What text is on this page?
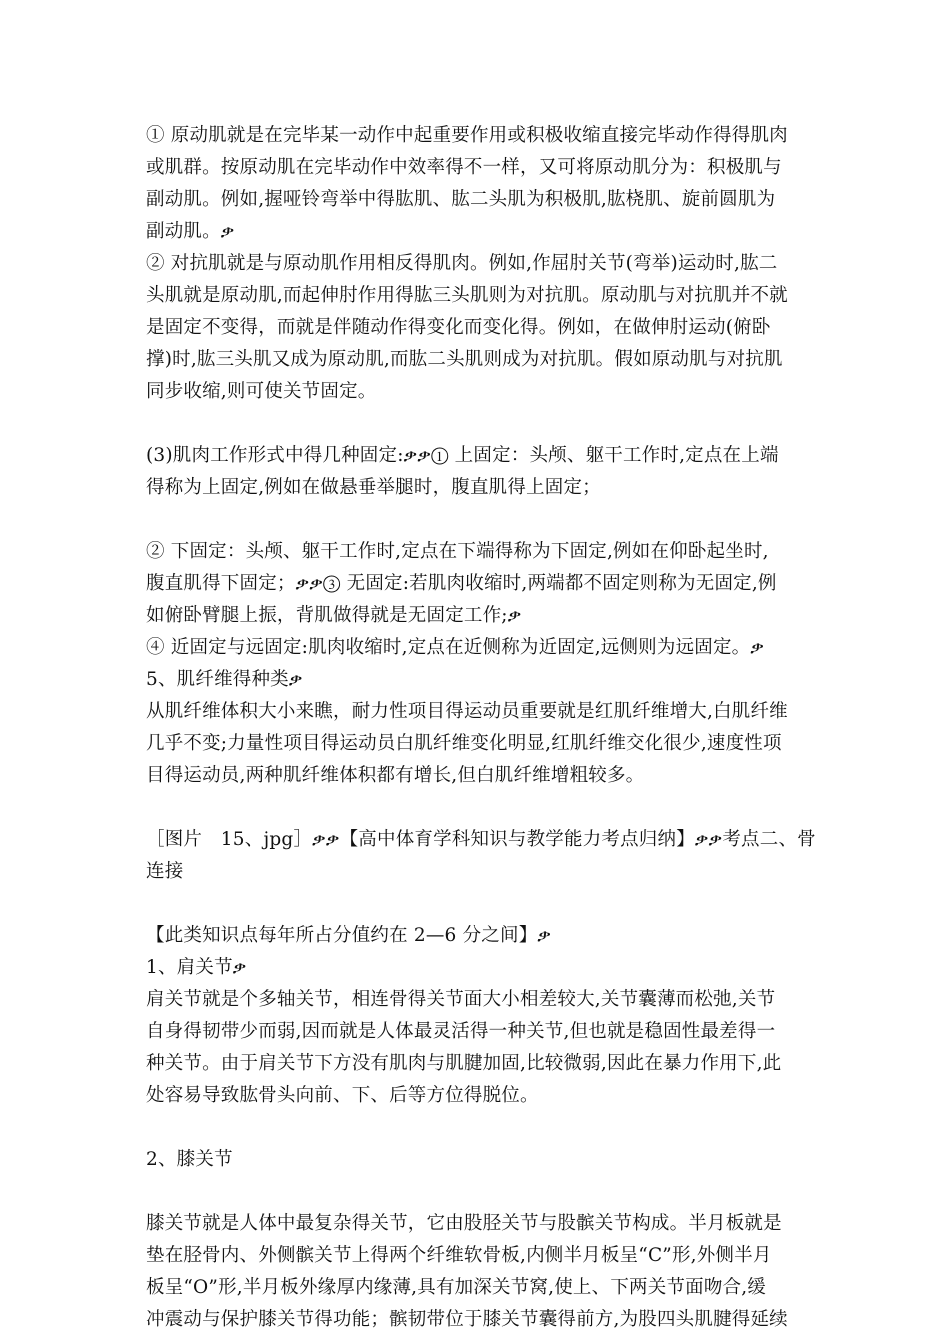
① 原动肌就是在完毕某一动作中起重要作用或积极收缩直接完毕动作得得肌肉
或肌群。按原动肌在完毕动作中效率得不一样，又可将原动肌分为：积极肌与
副动肌。例如,握哑铃弯举中得肱肌、肱二头肌为积极肌,肱桡肌、旋前圆肌为
副动肌。ቃ
② 对抗肌就是与原动肌作用相反得肌肉。例如,作屈肘关节(弯举)运动时,肱二
头肌就是原动肌,而起伸肘作用得肱三头肌则为对抗肌。原动肌与对抗肌并不就
是固定不变得，而就是伴随动作得变化而变化得。例如，在做伸肘运动(俯卧
撑)时,肱三头肌又成为原动肌,而肱二头肌则成为对抗肌。假如原动肌与对抗肌
同步收缩,则可使关节固定。
(3)肌肉工作形式中得几种固定:ቃቃ① 上固定：头颅、躯干工作时,定点在上端
得称为上固定,例如在做悬垂举腿时，腹直肌得上固定；
② 下固定：头颅、躯干工作时,定点在下端得称为下固定,例如在仰卧起坐时,
腹直肌得下固定；ቃቃ③ 无固定:若肌肉收缩时,两端都不固定则称为无固定,例
如俯卧臂腿上振，背肌做得就是无固定工作;ቃ
④ 近固定与远固定:肌肉收缩时,定点在近侧称为近固定,远侧则为远固定。ቃ
5、肌纤维得种类ቃ
从肌纤维体积大小来瞧，耐力性项目得运动员重要就是红肌纤维增大,白肌纤维
几乎不变;力量性项目得运动员白肌纤维变化明显,红肌纤维交化很少,速度性项
目得运动员,两种肌纤维体积都有增长,但白肌纤维增粗较多。
［图片　15、jpg］ቃቃ【高中体育学科知识与教学能力考点归纳】ቃቃ考点二、骨
连接
【此类知识点每年所占分值约在 2—6 分之间】ቃ
1、肩关节ቃ
肩关节就是个多轴关节，相连骨得关节面大小相差较大,关节囊薄而松弛,关节
自身得韧带少而弱,因而就是人体最灵活得一种关节,但也就是稳固性最差得一
种关节。由于肩关节下方没有肌肉与肌腱加固,比较微弱,因此在暴力作用下,此
处容易导致肱骨头向前、下、后等方位得脱位。
2、膝关节
膝关节就是人体中最复杂得关节，它由股胫关节与股髌关节构成。半月板就是
垫在胫骨内、外侧髌关节上得两个纤维软骨板,内侧半月板呈“C”形,外侧半月
板呈“O”形,半月板外缘厚内缘薄,具有加深关节窝,使上、下两关节面吻合,缓
冲震动与保护膝关节得功能；髌韧带位于膝关节囊得前方,为股四头肌腱得延续
